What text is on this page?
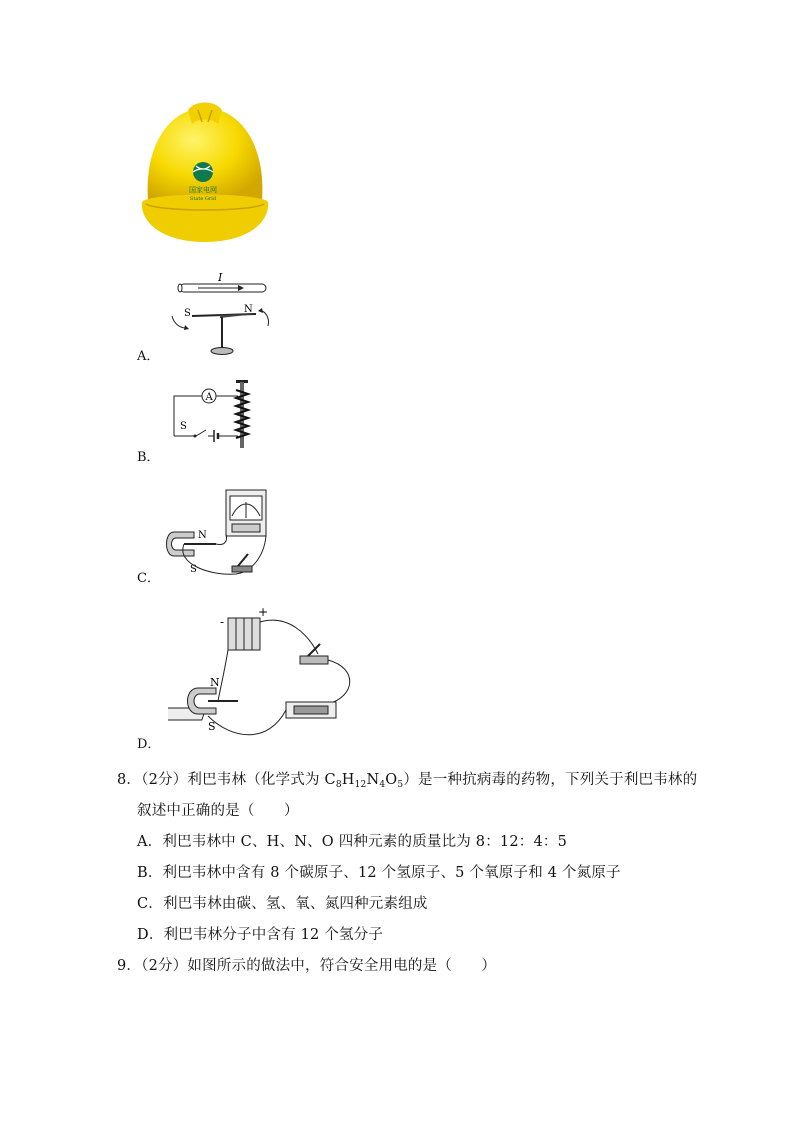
国家电网
State Grid
I
S	N
A．
A
S
B．
N
S
C．
-
+
N
S
D．
8．（2分）利巴韦林（化学式为 $C_8H_{12}N_4O_5$）是一种抗病毒的药物，下列关于利巴韦林的
叙述中正确的是（　　）
A．利巴韦林中 C、H、N、O 四种元素的质量比为 8：12：4：5
B．利巴韦林中含有 8 个碳原子、12 个氢原子、5 个氧原子和 4 个氮原子
C．利巴韦林由碳、氢、氧、氮四种元素组成
D．利巴韦林分子中含有 12 个氢分子
9．（2分）如图所示的做法中，符合安全用电的是（　　）
